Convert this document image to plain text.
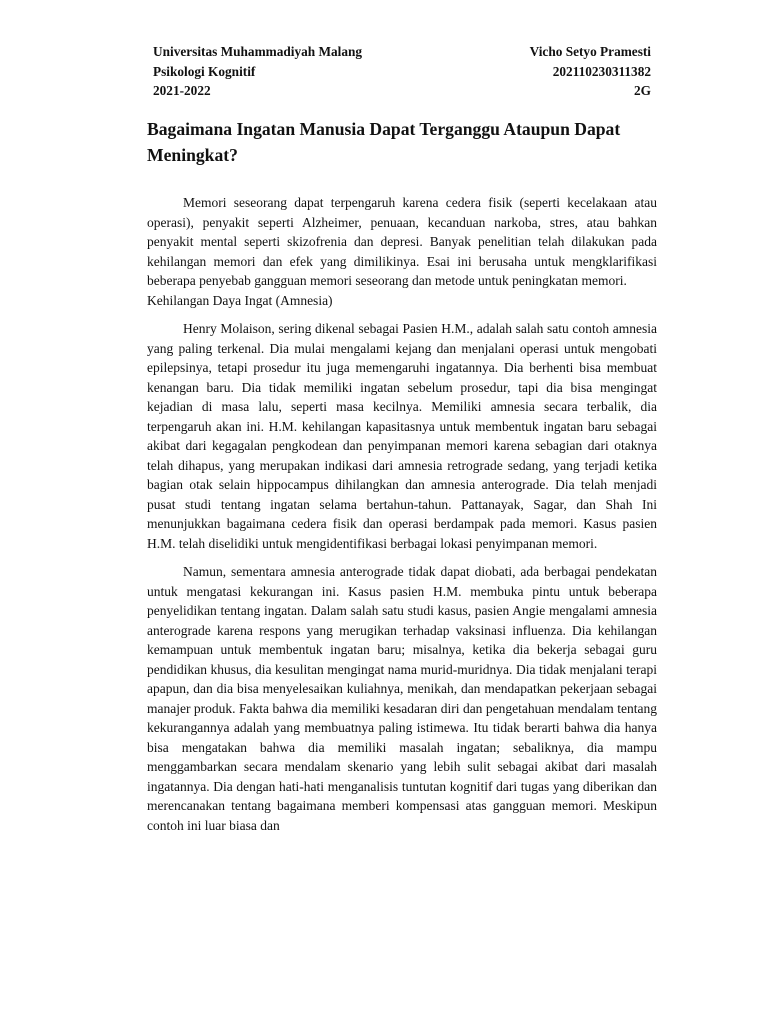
Universitas Muhammadiyah Malang	Vicho Setyo Pramesti
Psikologi Kognitif	202110230311382
2021-2022	2G
Bagaimana Ingatan Manusia Dapat Terganggu Ataupun Dapat Meningkat?

Memori seseorang dapat terpengaruh karena cedera fisik (seperti kecelakaan atau operasi), penyakit seperti Alzheimer, penuaan, kecanduan narkoba, stres, atau bahkan penyakit mental seperti skizofrenia dan depresi. Banyak penelitian telah dilakukan pada kehilangan memori dan efek yang dimilikinya. Esai ini berusaha untuk mengklarifikasi beberapa penyebab gangguan memori seseorang dan metode untuk peningkatan memori.

Kehilangan Daya Ingat (Amnesia)

Henry Molaison, sering dikenal sebagai Pasien H.M., adalah salah satu contoh amnesia yang paling terkenal. Dia mulai mengalami kejang dan menjalani operasi untuk mengobati epilepsinya, tetapi prosedur itu juga memengaruhi ingatannya. Dia berhenti bisa membuat kenangan baru. Dia tidak memiliki ingatan sebelum prosedur, tapi dia bisa mengingat kejadian di masa lalu, seperti masa kecilnya. Memiliki amnesia secara terbalik, dia terpengaruh akan ini. H.M. kehilangan kapasitasnya untuk membentuk ingatan baru sebagai akibat dari kegagalan pengkodean dan penyimpanan memori karena sebagian dari otaknya telah dihapus, yang merupakan indikasi dari amnesia retrograde sedang, yang terjadi ketika bagian otak selain hippocampus dihilangkan dan amnesia anterograde. Dia telah menjadi pusat studi tentang ingatan selama bertahun-tahun. Pattanayak, Sagar, dan Shah Ini menunjukkan bagaimana cedera fisik dan operasi berdampak pada memori. Kasus pasien H.M. telah diselidiki untuk mengidentifikasi berbagai lokasi penyimpanan memori.

Namun, sementara amnesia anterograde tidak dapat diobati, ada berbagai pendekatan untuk mengatasi kekurangan ini. Kasus pasien H.M. membuka pintu untuk beberapa penyelidikan tentang ingatan. Dalam salah satu studi kasus, pasien Angie mengalami amnesia anterograde karena respons yang merugikan terhadap vaksinasi influenza. Dia kehilangan kemampuan untuk membentuk ingatan baru; misalnya, ketika dia bekerja sebagai guru pendidikan khusus, dia kesulitan mengingat nama murid-muridnya. Dia tidak menjalani terapi apapun, dan dia bisa menyelesaikan kuliahnya, menikah, dan mendapatkan pekerjaan sebagai manajer produk. Fakta bahwa dia memiliki kesadaran diri dan pengetahuan mendalam tentang kekurangannya adalah yang membuatnya paling istimewa. Itu tidak berarti bahwa dia hanya bisa mengatakan bahwa dia memiliki masalah ingatan; sebaliknya, dia mampu menggambarkan secara mendalam skenario yang lebih sulit sebagai akibat dari masalah ingatannya. Dia dengan hati-hati menganalisis tuntutan kognitif dari tugas yang diberikan dan merencanakan tentang bagaimana memberi kompensasi atas gangguan memori. Meskipun contoh ini luar biasa dan
